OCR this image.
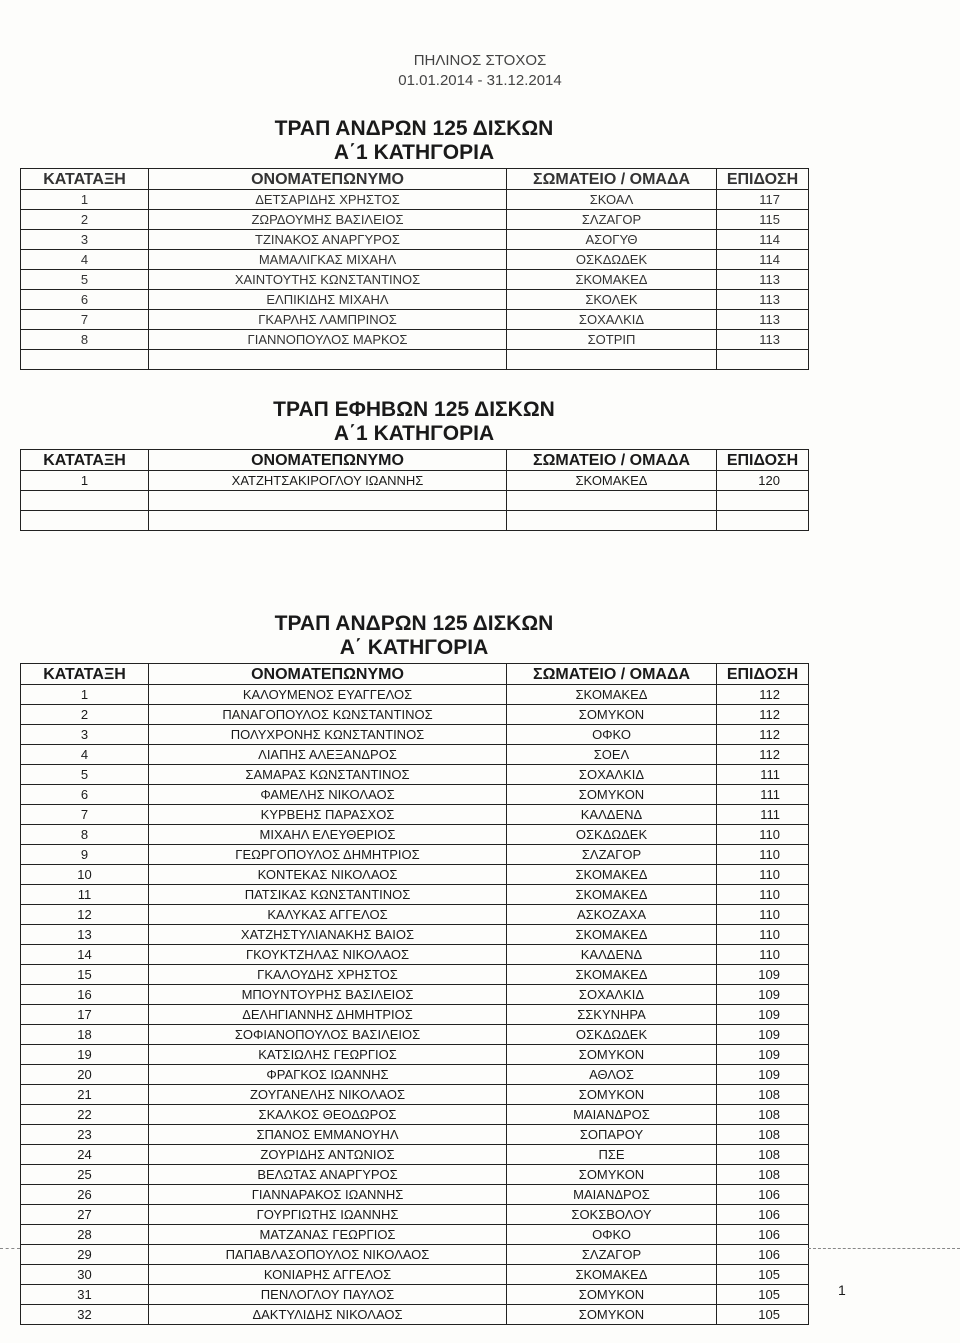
ΠΗΛΙΝΟΣ ΣΤΟΧΟΣ
01.01.2014 - 31.12.2014
ΤΡΑΠ ΑΝΔΡΩΝ 125 ΔΙΣΚΩΝ
Α΄1 ΚΑΤΗΓΟΡΙΑ
ΚΑΤΑΤΑΞΗ	ΟΝΟΜΑΤΕΠΩΝΥΜΟ	ΣΩΜΑΤΕΙΟ / ΟΜΑΔΑ	ΕΠΙΔΟΣΗ
1	ΔΕΤΣΑΡΙΔΗΣ ΧΡΗΣΤΟΣ	ΣΚΟΑΛ	117
2	ΖΩΡΔΟΥΜΗΣ ΒΑΣΙΛΕΙΟΣ	ΣΛΖΑΓΟΡ	115
3	ΤΖΙΝΑΚΟΣ ΑΝΑΡΓΥΡΟΣ	ΑΣΟΓΥΘ	114
4	ΜΑΜΑΛΙΓΚΑΣ ΜΙΧΑΗΛ	ΟΣΚΔΩΔΕΚ	114
5	ΧΑΙΝΤΟΥΤΗΣ ΚΩΝΣΤΑΝΤΙΝΟΣ	ΣΚΟΜΑΚΕΔ	113
6	ΕΛΠΙΚΙΔΗΣ ΜΙΧΑΗΛ	ΣΚΟΛΕΚ	113
7	ΓΚΑΡΛΗΣ ΛΑΜΠΡΙΝΟΣ	ΣΟΧΑΛΚΙΔ	113
8	ΓΙΑΝΝΟΠΟΥΛΟΣ ΜΑΡΚΟΣ	ΣΟΤΡΙΠ	113

ΤΡΑΠ ΕΦΗΒΩΝ 125 ΔΙΣΚΩΝ
Α΄1 ΚΑΤΗΓΟΡΙΑ
ΚΑΤΑΤΑΞΗ	ΟΝΟΜΑΤΕΠΩΝΥΜΟ	ΣΩΜΑΤΕΙΟ / ΟΜΑΔΑ	ΕΠΙΔΟΣΗ
1	ΧΑΤΖΗΤΣΑΚΙΡΟΓΛΟΥ ΙΩΑΝΝΗΣ	ΣΚΟΜΑΚΕΔ	120

ΤΡΑΠ ΑΝΔΡΩΝ 125 ΔΙΣΚΩΝ
Α΄ ΚΑΤΗΓΟΡΙΑ
ΚΑΤΑΤΑΞΗ	ΟΝΟΜΑΤΕΠΩΝΥΜΟ	ΣΩΜΑΤΕΙΟ / ΟΜΑΔΑ	ΕΠΙΔΟΣΗ
1	ΚΑΛΟΥΜΕΝΟΣ ΕΥΑΓΓΕΛΟΣ	ΣΚΟΜΑΚΕΔ	112
2	ΠΑΝΑΓΟΠΟΥΛΟΣ ΚΩΝΣΤΑΝΤΙΝΟΣ	ΣΟΜΥΚΟΝ	112
3	ΠΟΛΥΧΡΟΝΗΣ ΚΩΝΣΤΑΝΤΙΝΟΣ	ΟΦΚΟ	112
4	ΛΙΑΠΗΣ ΑΛΕΞΑΝΔΡΟΣ	ΣΟΕΛ	112
5	ΣΑΜΑΡΑΣ ΚΩΝΣΤΑΝΤΙΝΟΣ	ΣΟΧΑΛΚΙΔ	111
6	ΦΑΜΕΛΗΣ ΝΙΚΟΛΑΟΣ	ΣΟΜΥΚΟΝ	111
7	ΚΥΡΒΕΗΣ ΠΑΡΑΣΧΟΣ	ΚΑΛΔΕΝΔ	111
8	ΜΙΧΑΗΛ ΕΛΕΥΘΕΡΙΟΣ	ΟΣΚΔΩΔΕΚ	110
9	ΓΕΩΡΓΟΠΟΥΛΟΣ ΔΗΜΗΤΡΙΟΣ	ΣΛΖΑΓΟΡ	110
10	ΚΟΝΤΕΚΑΣ ΝΙΚΟΛΑΟΣ	ΣΚΟΜΑΚΕΔ	110
11	ΠΑΤΣΙΚΑΣ ΚΩΝΣΤΑΝΤΙΝΟΣ	ΣΚΟΜΑΚΕΔ	110
12	ΚΑΛΥΚΑΣ ΑΓΓΕΛΟΣ	ΑΣΚΟΖΑΧΑ	110
13	ΧΑΤΖΗΣΤΥΛΙΑΝΑΚΗΣ ΒΑΙΟΣ	ΣΚΟΜΑΚΕΔ	110
14	ΓΚΟΥΚΤΖΗΛΑΣ ΝΙΚΟΛΑΟΣ	ΚΑΛΔΕΝΔ	110
15	ΓΚΑΛΟΥΔΗΣ ΧΡΗΣΤΟΣ	ΣΚΟΜΑΚΕΔ	109
16	ΜΠΟΥΝΤΟΥΡΗΣ ΒΑΣΙΛΕΙΟΣ	ΣΟΧΑΛΚΙΔ	109
17	ΔΕΛΗΓΙΑΝΝΗΣ ΔΗΜΗΤΡΙΟΣ	ΣΣΚΥΝΗΡΑ	109
18	ΣΟΦΙΑΝΟΠΟΥΛΟΣ ΒΑΣΙΛΕΙΟΣ	ΟΣΚΔΩΔΕΚ	109
19	ΚΑΤΣΙΩΛΗΣ ΓΕΩΡΓΙΟΣ	ΣΟΜΥΚΟΝ	109
20	ΦΡΑΓΚΟΣ ΙΩΑΝΝΗΣ	ΑΘΛΟΣ	109
21	ΖΟΥΓΑΝΕΛΗΣ ΝΙΚΟΛΑΟΣ	ΣΟΜΥΚΟΝ	108
22	ΣΚΑΛΚΟΣ ΘΕΟΔΩΡΟΣ	ΜΑΙΑΝΔΡΟΣ	108
23	ΣΠΑΝΟΣ ΕΜΜΑΝΟΥΗΛ	ΣΟΠΑΡΟΥ	108
24	ΖΟΥΡΙΔΗΣ ΑΝΤΩΝΙΟΣ	ΠΣΕ	108
25	ΒΕΛΩΤΑΣ ΑΝΑΡΓΥΡΟΣ	ΣΟΜΥΚΟΝ	108
26	ΓΙΑΝΝΑΡΑΚΟΣ ΙΩΑΝΝΗΣ	ΜΑΙΑΝΔΡΟΣ	106
27	ΓΟΥΡΓΙΩΤΗΣ ΙΩΑΝΝΗΣ	ΣΟΚΣΒΟΛΟΥ	106
28	ΜΑΤΖΑΝΑΣ ΓΕΩΡΓΙΟΣ	ΟΦΚΟ	106
29	ΠΑΠΑΒΛΑΣΟΠΟΥΛΟΣ ΝΙΚΟΛΑΟΣ	ΣΛΖΑΓΟΡ	106
30	ΚΟΝΙΑΡΗΣ ΑΓΓΕΛΟΣ	ΣΚΟΜΑΚΕΔ	105
31	ΠΕΝΛΟΓΛΟΥ ΠΑΥΛΟΣ	ΣΟΜΥΚΟΝ	105
32	ΔΑΚΤΥΛΙΔΗΣ ΝΙΚΟΛΑΟΣ	ΣΟΜΥΚΟΝ	105
1
